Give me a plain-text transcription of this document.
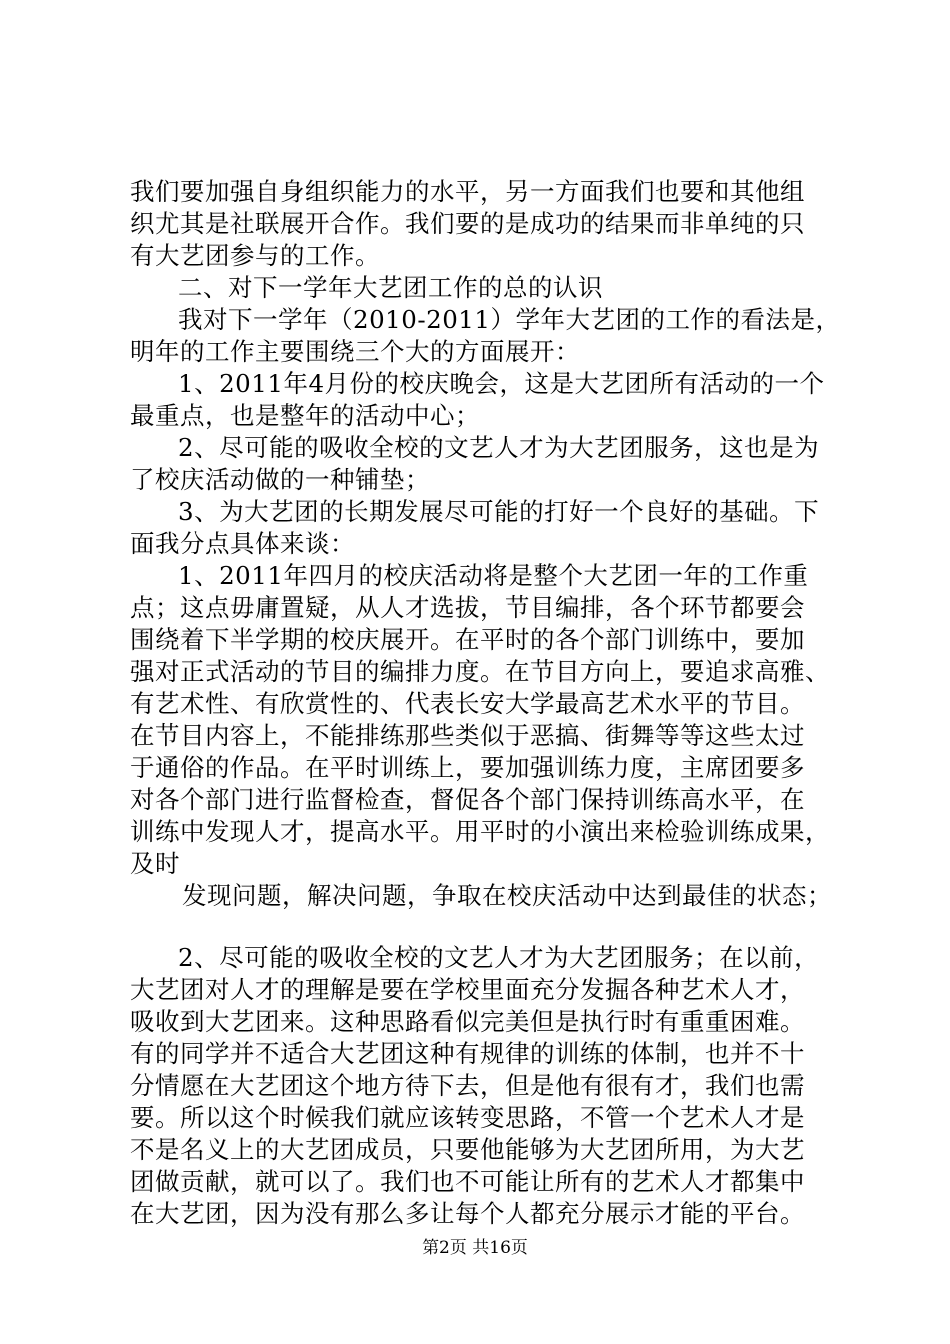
我们要加强自身组织能力的水平，另一方面我们也要和其他组
织尤其是社联展开合作。我们要的是成功的结果而非单纯的只
有大艺团参与的工作。
二、对下一学年大艺团工作的总的认识
我对下一学年（2010-2011）学年大艺团的工作的看法是，
明年的工作主要围绕三个大的方面展开：
1、2011年4月份的校庆晚会，这是大艺团所有活动的一个
最重点，也是整年的活动中心；
2、尽可能的吸收全校的文艺人才为大艺团服务，这也是为
了校庆活动做的一种铺垫；
3、为大艺团的长期发展尽可能的打好一个良好的基础。下
面我分点具体来谈：
1、2011年四月的校庆活动将是整个大艺团一年的工作重
点；这点毋庸置疑，从人才选拔，节目编排，各个环节都要会
围绕着下半学期的校庆展开。在平时的各个部门训练中，要加
强对正式活动的节目的编排力度。在节目方向上，要追求高雅、
有艺术性、有欣赏性的、代表长安大学最高艺术水平的节目。
在节目内容上，不能排练那些类似于恶搞、街舞等等这些太过
于通俗的作品。在平时训练上，要加强训练力度，主席团要多
对各个部门进行监督检查，督促各个部门保持训练高水平，在
训练中发现人才，提高水平。用平时的小演出来检验训练成果，
及时
发现问题，解决问题，争取在校庆活动中达到最佳的状态；
2、尽可能的吸收全校的文艺人才为大艺团服务；在以前，
大艺团对人才的理解是要在学校里面充分发掘各种艺术人才，
吸收到大艺团来。这种思路看似完美但是执行时有重重困难。
有的同学并不适合大艺团这种有规律的训练的体制，也并不十
分情愿在大艺团这个地方待下去，但是他有很有才，我们也需
要。所以这个时候我们就应该转变思路，不管一个艺术人才是
不是名义上的大艺团成员，只要他能够为大艺团所用，为大艺
团做贡献，就可以了。我们也不可能让所有的艺术人才都集中
在大艺团，因为没有那么多让每个人都充分展示才能的平台。
第2页 共16页
